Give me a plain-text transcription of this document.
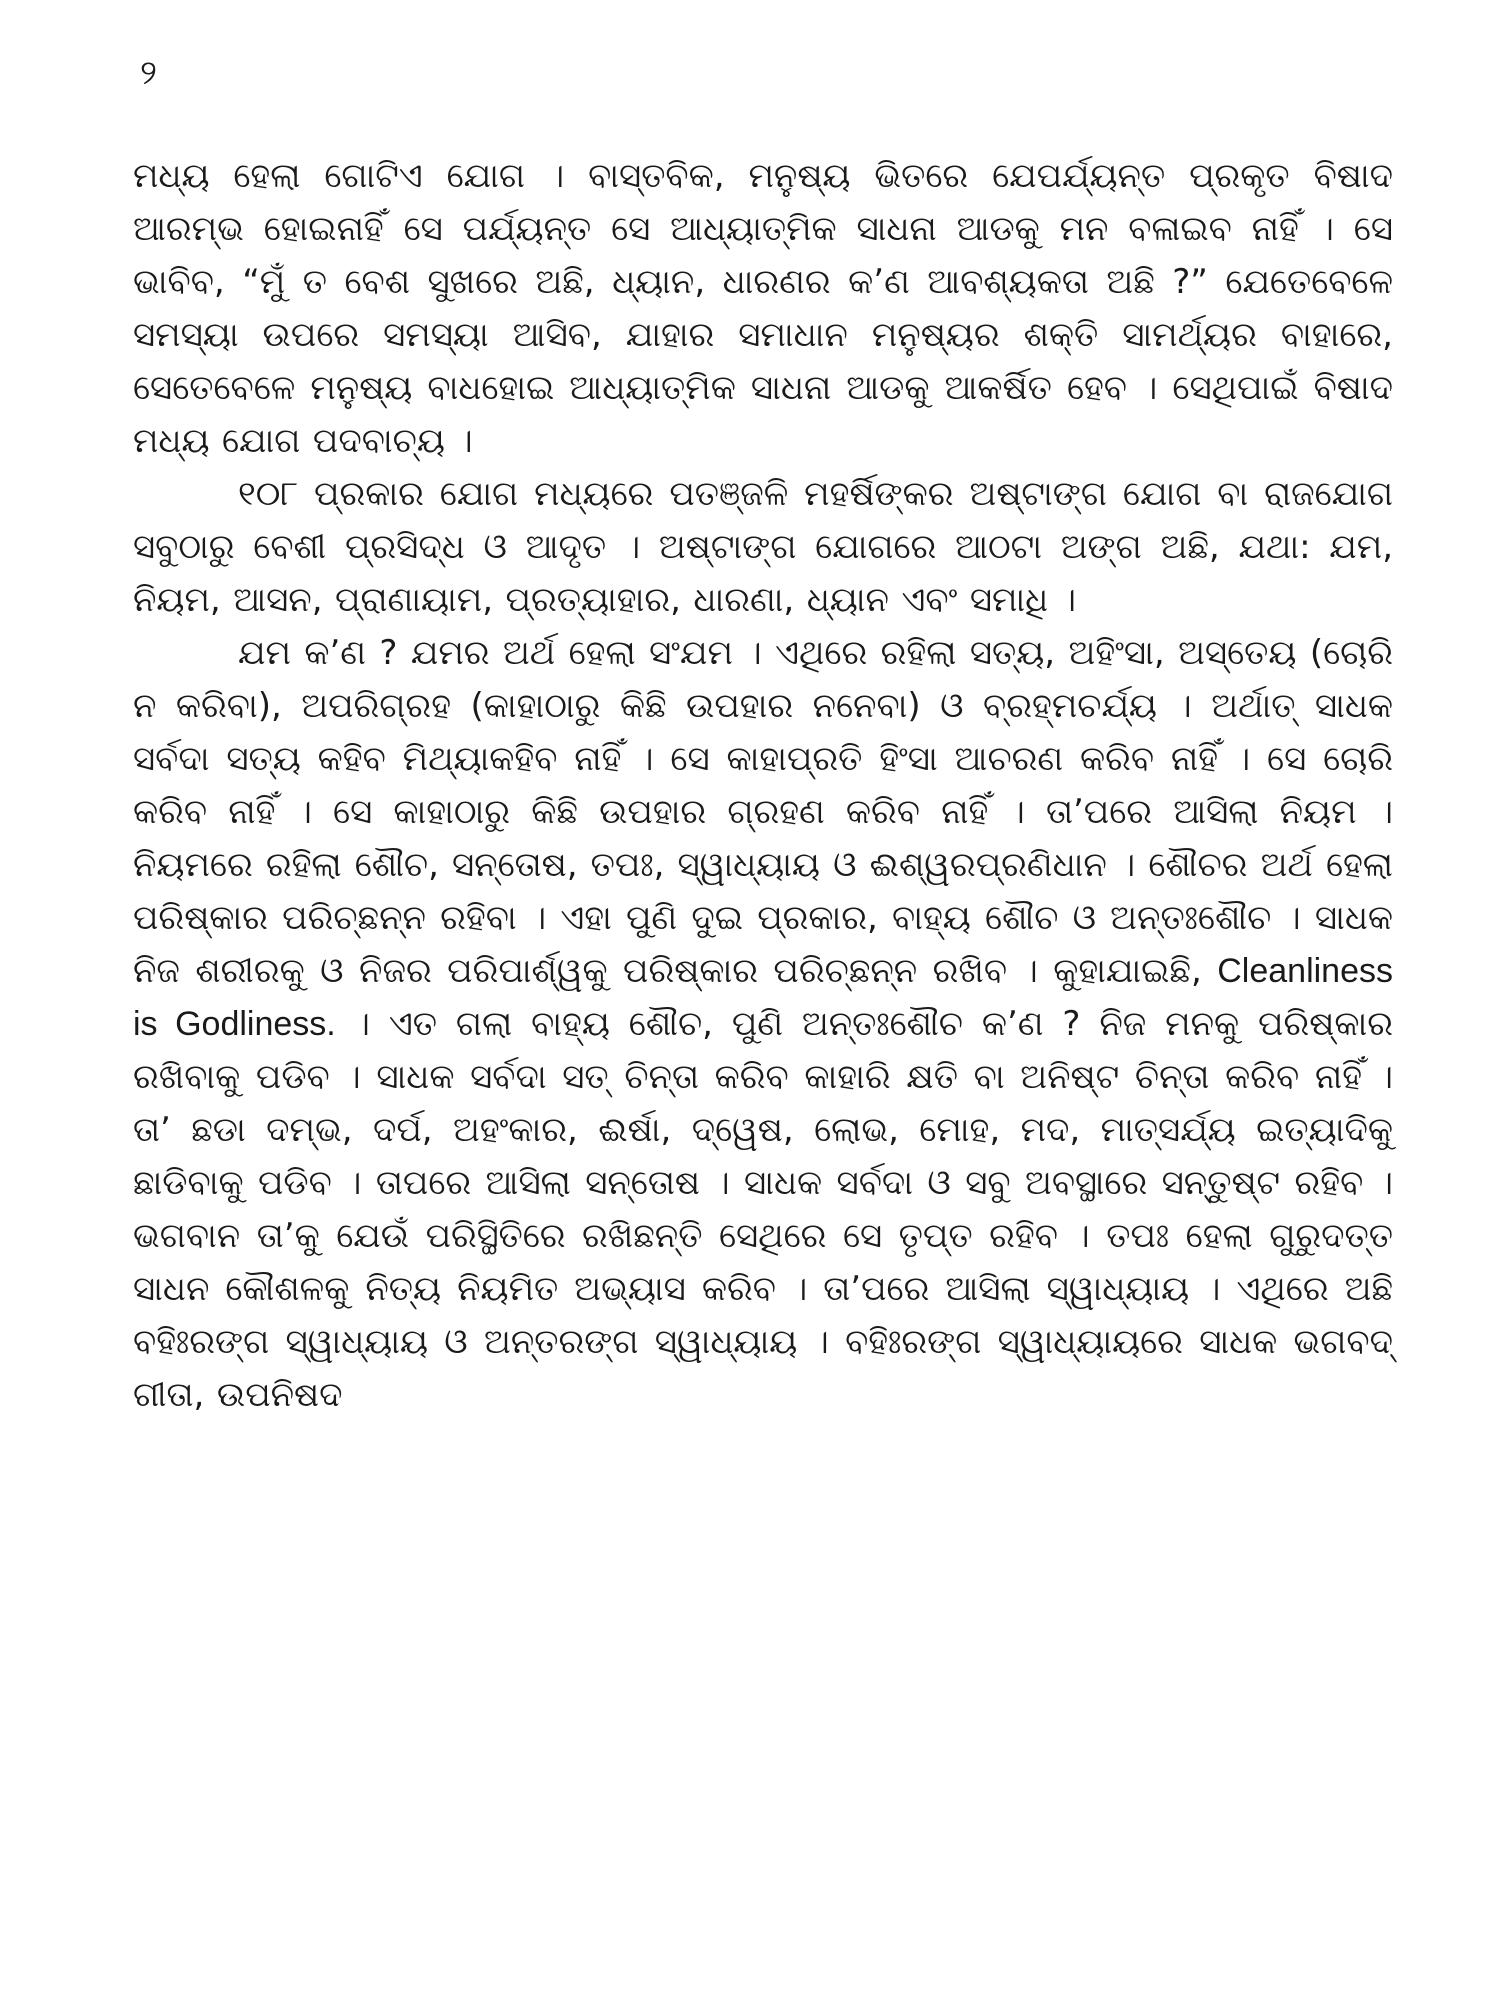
୨

ମଧ୍ୟ ହେଲା ଗୋଟିଏ ଯୋଗ । ବାସ୍ତବିକ, ମନୁଷ୍ୟ ଭିତରେ ଯେପର୍ଯ୍ୟନ୍ତ ପ୍ରକୃତ ବିଷାଦ ଆରମ୍ଭ ହୋଇନାହିଁ ସେ ପର୍ଯ୍ୟନ୍ତ ସେ ଆଧ୍ୟାତ୍ମିକ ସାଧନା ଆଡକୁ ମନ ବଳାଇବ ନାହିଁ । ସେ ଭାବିବ, “ମୁଁ ତ ବେଶ ସୁଖରେ ଅଛି, ଧ୍ୟାନ, ଧାରଣର କ’ଣ ଆବଶ୍ୟକତା ଅଛି ?” ଯେତେବେଳେ ସମସ୍ୟା ଉପରେ ସମସ୍ୟା ଆସିବ, ଯାହାର ସମାଧାନ ମନୁଷ୍ୟର ଶକ୍ତି ସାମର୍ଥ୍ୟର ବାହାରେ, ସେତେବେଳେ ମନୁଷ୍ୟ ବାଧହୋଇ ଆଧ୍ୟାତ୍ମିକ ସାଧନା ଆଡକୁ ଆକର୍ଷିତ ହେବ । ସେଥିପାଇଁ ବିଷାଦ ମଧ୍ୟ ଯୋଗ ପଦବାଚ୍ୟ ।

୧୦୮ ପ୍ରକାର ଯୋଗ ମଧ୍ୟରେ ପତଞ୍ଜଳି ମହର୍ଷିଙ୍କର ଅଷ୍ଟାଙ୍ଗ ଯୋଗ ବା ରାଜଯୋଗ ସବୁଠାରୁ ବେଶୀ ପ୍ରସିଦ୍ଧ ଓ ଆଦୃତ । ଅଷ୍ଟାଙ୍ଗ ଯୋଗରେ ଆଠଟା ଅଙ୍ଗ ଅଛି, ଯଥା: ଯମ, ନିୟମ, ଆସନ, ପ୍ରାଣାୟାମ, ପ୍ରତ୍ୟାହାର, ଧାରଣା, ଧ୍ୟାନ ଏବଂ ସମାଧି ।

ଯମ କ’ଣ ? ଯମର ଅର୍ଥ ହେଲା ସଂଯମ । ଏଥିରେ ରହିଲା ସତ୍ୟ, ଅହିଂସା, ଅସ୍ତେୟ (ଚୋରି ନ କରିବା), ଅପରିଗ୍ରହ (କାହାଠାରୁ କିଛି ଉପହାର ନନେବା) ଓ ବ୍ରହ୍ମଚର୍ଯ୍ୟ । ଅର୍ଥାତ୍ ସାଧକ ସର୍ବଦା ସତ୍ୟ କହିବ ମିଥ୍ୟାକହିବ ନାହିଁ । ସେ କାହାପ୍ରତି ହିଂସା ଆଚରଣ କରିବ ନାହିଁ । ସେ ଚୋରି କରିବ ନାହିଁ । ସେ କାହାଠାରୁ କିଛି ଉପହାର ଗ୍ରହଣ କରିବ ନାହିଁ । ତା’ପରେ ଆସିଲା ନିୟମ । ନିୟମରେ ରହିଲା ଶୌଚ, ସନ୍ତୋଷ, ତପଃ, ସ୍ୱାଧ୍ୟାୟ ଓ ଈଶ୍ୱରପ୍ରଣିଧାନ । ଶୌଚର ଅର୍ଥ ହେଲା ପରିଷ୍କାର ପରିଚ୍ଛନ୍ନ ରହିବା । ଏହା ପୁଣି ଦୁଇ ପ୍ରକାର, ବାହ୍ୟ ଶୌଚ ଓ ଅନ୍ତଃଶୌଚ । ସାଧକ ନିଜ ଶରୀରକୁ ଓ ନିଜର ପରିପାର୍ଶ୍ୱକୁ ପରିଷ୍କାର ପରିଚ୍ଛନ୍ନ ରଖିବ । କୁହାଯାଇଛି, Cleanliness is Godliness. । ଏତ ଗଲା ବାହ୍ୟ ଶୌଚ, ପୁଣି ଅନ୍ତଃଶୌଚ କ’ଣ ? ନିଜ ମନକୁ ପରିଷ୍କାର ରଖିବାକୁ ପଡିବ । ସାଧକ ସର୍ବଦା ସତ୍ ଚିନ୍ତା କରିବ କାହାରି କ୍ଷତି ବା ଅନିଷ୍ଟ ଚିନ୍ତା କରିବ ନାହିଁ । ତା’ ଛଡା ଦମ୍ଭ, ଦର୍ପ, ଅହଂକାର, ଈର୍ଷା, ଦ୍ୱେଷ, ଲୋଭ, ମୋହ, ମଦ, ମାତ୍ସର୍ଯ୍ୟ ଇତ୍ୟାଦିକୁ ଛାଡିବାକୁ ପଡିବ । ତାପରେ ଆସିଲା ସନ୍ତୋଷ । ସାଧକ ସର୍ବଦା ଓ ସବୁ ଅବସ୍ଥାରେ ସନ୍ତୁଷ୍ଟ ରହିବ । ଭଗବାନ ତା’କୁ ଯେଉଁ ପରିସ୍ଥିତିରେ ରଖିଛନ୍ତି ସେଥିରେ ସେ ତୃପ୍ତ ରହିବ । ତପଃ ହେଲା ଗୁରୁଦତ୍ତ ସାଧନ କୌଶଳକୁ ନିତ୍ୟ ନିୟମିତ ଅଭ୍ୟାସ କରିବ । ତା’ପରେ ଆସିଲା ସ୍ୱାଧ୍ୟାୟ । ଏଥିରେ ଅଛି ବହିଃରଙ୍ଗ ସ୍ୱାଧ୍ୟାୟ ଓ ଅନ୍ତରଙ୍ଗ ସ୍ୱାଧ୍ୟାୟ । ବହିଃରଙ୍ଗ ସ୍ୱାଧ୍ୟାୟରେ ସାଧକ ଭଗବଦ୍ ଗୀତା, ଉପନିଷଦ
